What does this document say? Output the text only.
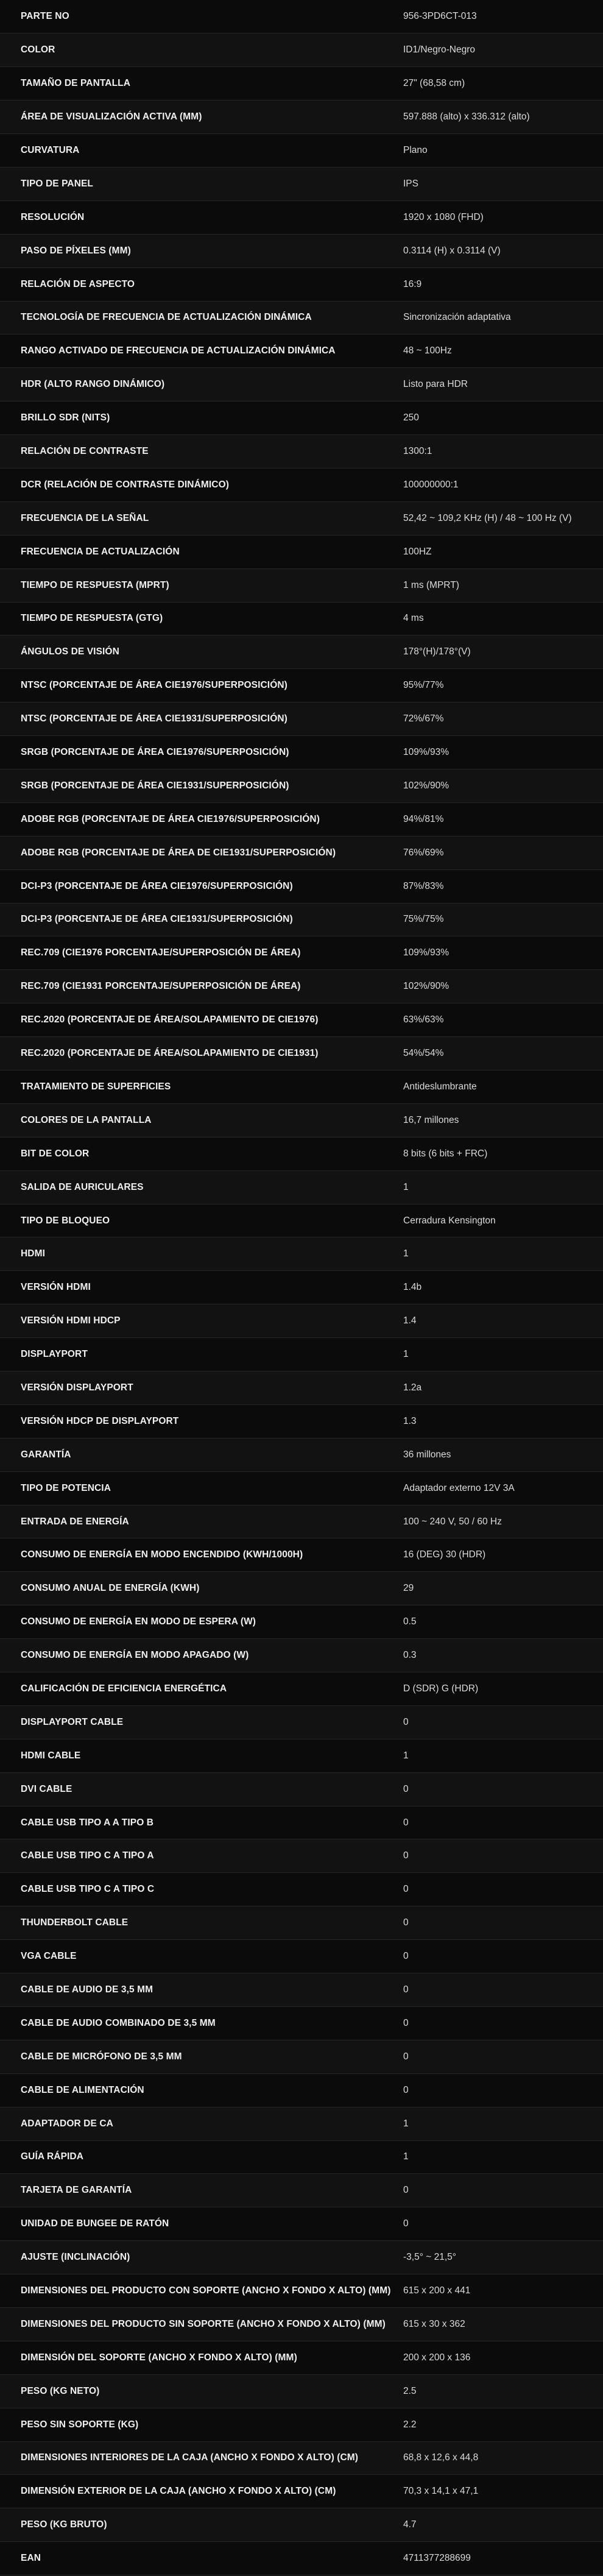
PARTE NO	956-3PD6CT-013
COLOR	ID1/Negro-Negro
TAMAÑO DE PANTALLA	27" (68,58 cm)
ÁREA DE VISUALIZACIÓN ACTIVA (MM)	597.888 (alto) x 336.312 (alto)
CURVATURA	Plano
TIPO DE PANEL	IPS
RESOLUCIÓN	1920 x 1080 (FHD)
PASO DE PÍXELES (MM)	0.3114 (H) x 0.3114 (V)
RELACIÓN DE ASPECTO	16:9
TECNOLOGÍA DE FRECUENCIA DE ACTUALIZACIÓN DINÁMICA	Sincronización adaptativa
RANGO ACTIVADO DE FRECUENCIA DE ACTUALIZACIÓN DINÁMICA	48 ~ 100Hz
HDR (ALTO RANGO DINÁMICO)	Listo para HDR
BRILLO SDR (NITS)	250
RELACIÓN DE CONTRASTE	1300:1
DCR (RELACIÓN DE CONTRASTE DINÁMICO)	100000000:1
FRECUENCIA DE LA SEÑAL	52,42 ~ 109,2 KHz (H) / 48 ~ 100 Hz (V)
FRECUENCIA DE ACTUALIZACIÓN	100HZ
TIEMPO DE RESPUESTA (MPRT)	1 ms (MPRT)
TIEMPO DE RESPUESTA (GTG)	4 ms
ÁNGULOS DE VISIÓN	178°(H)/178°(V)
NTSC (PORCENTAJE DE ÁREA CIE1976/SUPERPOSICIÓN)	95%/77%
NTSC (PORCENTAJE DE ÁREA CIE1931/SUPERPOSICIÓN)	72%/67%
SRGB (PORCENTAJE DE ÁREA CIE1976/SUPERPOSICIÓN)	109%/93%
SRGB (PORCENTAJE DE ÁREA CIE1931/SUPERPOSICIÓN)	102%/90%
ADOBE RGB (PORCENTAJE DE ÁREA CIE1976/SUPERPOSICIÓN)	94%/81%
ADOBE RGB (PORCENTAJE DE ÁREA DE CIE1931/SUPERPOSICIÓN)	76%/69%
DCI-P3 (PORCENTAJE DE ÁREA CIE1976/SUPERPOSICIÓN)	87%/83%
DCI-P3 (PORCENTAJE DE ÁREA CIE1931/SUPERPOSICIÓN)	75%/75%
REC.709 (CIE1976 PORCENTAJE/SUPERPOSICIÓN DE ÁREA)	109%/93%
REC.709 (CIE1931 PORCENTAJE/SUPERPOSICIÓN DE ÁREA)	102%/90%
REC.2020 (PORCENTAJE DE ÁREA/SOLAPAMIENTO DE CIE1976)	63%/63%
REC.2020 (PORCENTAJE DE ÁREA/SOLAPAMIENTO DE CIE1931)	54%/54%
TRATAMIENTO DE SUPERFICIES	Antideslumbrante
COLORES DE LA PANTALLA	16,7 millones
BIT DE COLOR	8 bits (6 bits + FRC)
SALIDA DE AURICULARES	1
TIPO DE BLOQUEO	Cerradura Kensington
HDMI	1
VERSIÓN HDMI	1.4b
VERSIÓN HDMI HDCP	1.4
DISPLAYPORT	1
VERSIÓN DISPLAYPORT	1.2a
VERSIÓN HDCP DE DISPLAYPORT	1.3
GARANTÍA	36 millones
TIPO DE POTENCIA	Adaptador externo 12V 3A
ENTRADA DE ENERGÍA	100 ~ 240 V, 50 / 60 Hz
CONSUMO DE ENERGÍA EN MODO ENCENDIDO (KWH/1000H)	16 (DEG) 30 (HDR)
CONSUMO ANUAL DE ENERGÍA (KWH)	29
CONSUMO DE ENERGÍA EN MODO DE ESPERA (W)	0.5
CONSUMO DE ENERGÍA EN MODO APAGADO (W)	0.3
CALIFICACIÓN DE EFICIENCIA ENERGÉTICA	D (SDR) G (HDR)
DISPLAYPORT CABLE	0
HDMI CABLE	1
DVI CABLE	0
CABLE USB TIPO A A TIPO B	0
CABLE USB TIPO C A TIPO A	0
CABLE USB TIPO C A TIPO C	0
THUNDERBOLT CABLE	0
VGA CABLE	0
CABLE DE AUDIO DE 3,5 MM	0
CABLE DE AUDIO COMBINADO DE 3,5 MM	0
CABLE DE MICRÓFONO DE 3,5 MM	0
CABLE DE ALIMENTACIÓN	0
ADAPTADOR DE CA	1
GUÍA RÁPIDA	1
TARJETA DE GARANTÍA	0
UNIDAD DE BUNGEE DE RATÓN	0
AJUSTE (INCLINACIÓN)	-3,5° ~ 21,5°
DIMENSIONES DEL PRODUCTO CON SOPORTE (ANCHO X FONDO X ALTO) (MM)	615 x 200 x 441
DIMENSIONES DEL PRODUCTO SIN SOPORTE (ANCHO X FONDO X ALTO) (MM)	615 x 30 x 362
DIMENSIÓN DEL SOPORTE (ANCHO X FONDO X ALTO) (MM)	200 x 200 x 136
PESO (KG NETO)	2.5
PESO SIN SOPORTE (KG)	2.2
DIMENSIONES INTERIORES DE LA CAJA (ANCHO X FONDO X ALTO) (CM)	68,8 x 12,6 x 44,8
DIMENSIÓN EXTERIOR DE LA CAJA (ANCHO X FONDO X ALTO) (CM)	70,3 x 14,1 x 47,1
PESO (KG BRUTO)	4.7
EAN	4711377288699
